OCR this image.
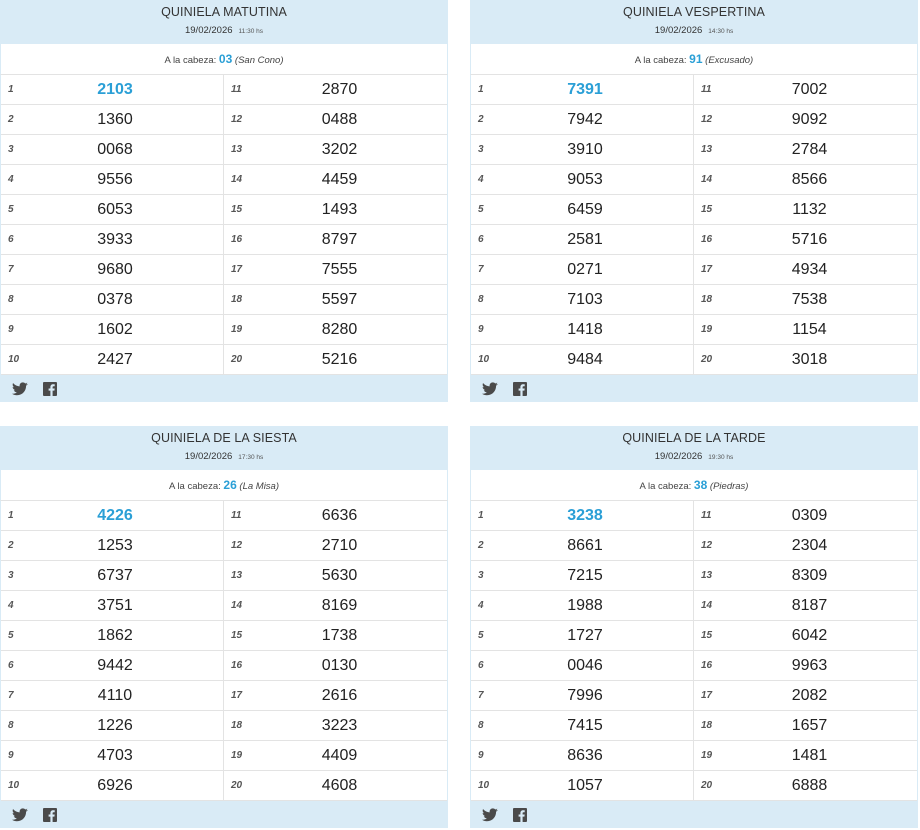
QUINIELA MATUTINA
19/02/2026 11:30 hs
A la cabeza: 03 (San Cono)
1	2103	11	2870
2	1360	12	0488
3	0068	13	3202
4	9556	14	4459
5	6053	15	1493
6	3933	16	8797
7	9680	17	7555
8	0378	18	5597
9	1602	19	8280
10	2427	20	5216
QUINIELA VESPERTINA
19/02/2026 14:30 hs
A la cabeza: 91 (Excusado)
1	7391	11	7002
2	7942	12	9092
3	3910	13	2784
4	9053	14	8566
5	6459	15	1132
6	2581	16	5716
7	0271	17	4934
8	7103	18	7538
9	1418	19	1154
10	9484	20	3018
QUINIELA DE LA SIESTA
19/02/2026 17:30 hs
A la cabeza: 26 (La Misa)
1	4226	11	6636
2	1253	12	2710
3	6737	13	5630
4	3751	14	8169
5	1862	15	1738
6	9442	16	0130
7	4110	17	2616
8	1226	18	3223
9	4703	19	4409
10	6926	20	4608
QUINIELA DE LA TARDE
19/02/2026 19:30 hs
A la cabeza: 38 (Piedras)
1	3238	11	0309
2	8661	12	2304
3	7215	13	8309
4	1988	14	8187
5	1727	15	6042
6	0046	16	9963
7	7996	17	2082
8	7415	18	1657
9	8636	19	1481
10	1057	20	6888
